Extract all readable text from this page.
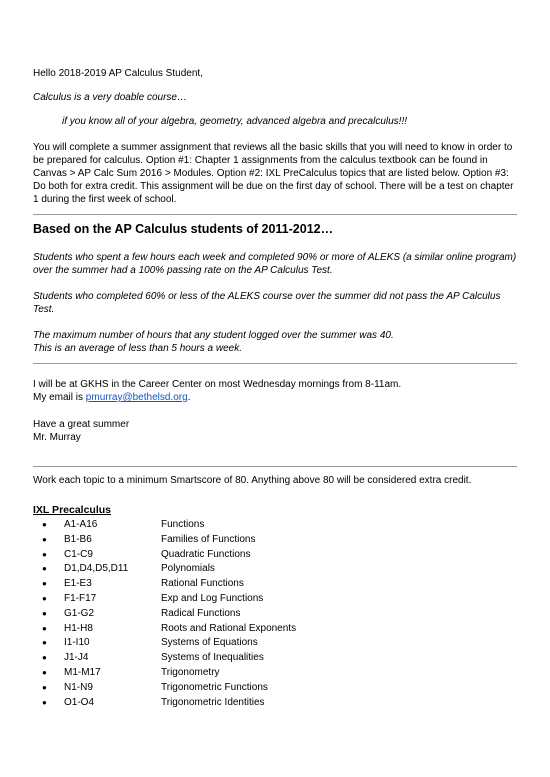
Hello 2018-2019 AP Calculus Student,

Calculus is a very doable course…

if you know all of your algebra, geometry, advanced algebra and precalculus!!!

You will complete a summer assignment that reviews all the basic skills that you will need to know in order to be prepared for calculus. Option #1: Chapter 1 assignments from the calculus textbook can be found in Canvas > AP Calc Sum 2016 > Modules. Option #2: IXL PreCalculus topics that are listed below. Option #3: Do both for extra credit. This assignment will be due on the first day of school. There will be a test on chapter 1 during the first week of school.

Based on the AP Calculus students of 2011-2012…

Students who spent a few hours each week and completed 90% or more of ALEKS (a similar online program) over the summer had a 100% passing rate on the AP Calculus Test.

Students who completed 60% or less of the ALEKS course over the summer did not pass the AP Calculus Test.

The maximum number of hours that any student logged over the summer was 40.

This is an average of less than 5 hours a week.

I will be at GKHS in the Career Center on most Wednesday mornings from 8-11am.

My email is pmurray@bethelsd.org.

Have a great summer

Mr. Murray

Work each topic to a minimum Smartscore of 80. Anything above 80 will be considered extra credit.

IXL Precalculus

●	A1-A16	Functions
●	B1-B6	Families of Functions
●	C1-C9	Quadratic Functions
●	D1,D4,D5,D11	Polynomials
●	E1-E3	Rational Functions
●	F1-F17	Exp and Log Functions
●	G1-G2	Radical Functions
●	H1-H8	Roots and Rational Exponents
●	I1-I10	Systems of Equations
●	J1-J4	Systems of Inequalities
●	M1-M17	Trigonometry
●	N1-N9	Trigonometric Functions
●	O1-O4	Trigonometric Identities
